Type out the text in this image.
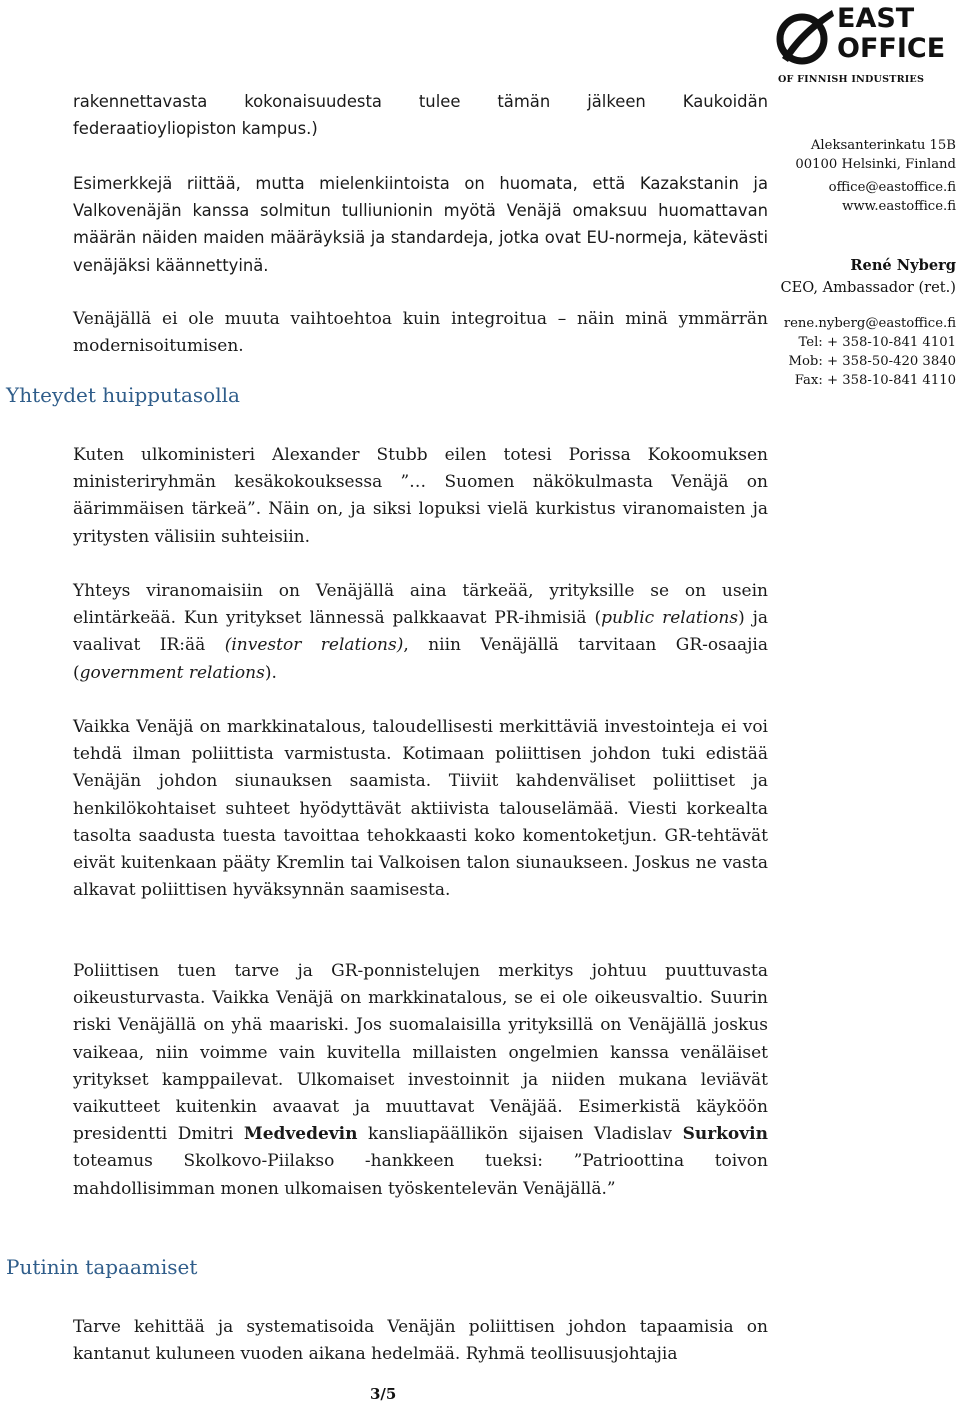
EAST
OFFICE
OF FINNISH INDUSTRIES
Aleksanterinkatu 15B
00100 Helsinki, Finland
office@eastoffice.fi
www.eastoffice.fi
René Nyberg
CEO, Ambassador (ret.)
rene.nyberg@eastoffice.fi
Tel: + 358-10-841 4101
Mob: + 358-50-420 3840
Fax: + 358-10-841 4110

rakennettavasta kokonaisuudesta tulee tämän jälkeen Kaukoidän federaatioyliopiston kampus.)

Esimerkkejä riittää, mutta mielenkiintoista on huomata, että Kazakstanin ja Valkovenäjän kanssa solmitun tulliunionin myötä Venäjä omaksuu huomattavan määrän näiden maiden määräyksiä ja standardeja, jotka ovat EU-normeja, kätevästi venäjäksi käännettyinä.

Venäjällä ei ole muuta vaihtoehtoa kuin integroitua – näin minä ymmärrän modernisoitumisen.

Yhteydet huipputasolla

Kuten ulkoministeri Alexander Stubb eilen totesi Porissa Kokoomuksen ministeriryhmän kesäkokouksessa ”… Suomen näkökulmasta Venäjä on äärimmäisen tärkeä”. Näin on, ja siksi lopuksi vielä kurkistus viranomaisten ja yritysten välisiin suhteisiin.

Yhteys viranomaisiin on Venäjällä aina tärkeää, yrityksille se on usein elintärkeää. Kun yritykset lännessä palkkaavat PR-ihmisiä (public relations) ja vaalivat IR:ää (investor relations), niin Venäjällä tarvitaan GR-osaajia (government relations).

Vaikka Venäjä on markkinatalous, taloudellisesti merkittäviä investointeja ei voi tehdä ilman poliittista varmistusta. Kotimaan poliittisen johdon tuki edistää Venäjän johdon siunauksen saamista. Tiiviit kahdenväliset poliittiset ja henkilökohtaiset suhteet hyödyttävät aktiivista talouselämää. Viesti korkealta tasolta saadusta tuesta tavoittaa tehokkaasti koko komentoketjun. GR-tehtävät eivät kuitenkaan pääty Kremlin tai Valkoisen talon siunaukseen. Joskus ne vasta alkavat poliittisen hyväksynnän saamisesta.

Poliittisen tuen tarve ja GR-ponnistelujen merkitys johtuu puuttuvasta oikeusturvasta. Vaikka Venäjä on markkinatalous, se ei ole oikeusvaltio. Suurin riski Venäjällä on yhä maariski. Jos suomalaisilla yrityksillä on Venäjällä joskus vaikeaa, niin voimme vain kuvitella millaisten ongelmien kanssa venäläiset yritykset kamppailevat. Ulkomaiset investoinnit ja niiden mukana leviävät vaikutteet kuitenkin avaavat ja muuttavat Venäjää. Esimerkistä käyköön presidentti Dmitri Medvedevin kansliapäällikön sijaisen Vladislav Surkovin toteamus Skolkovo-Piilakso -hankkeen tueksi: ”Patrioottina toivon mahdollisimman monen ulkomaisen työskentelevän Venäjällä.”

Putinin tapaamiset

Tarve kehittää ja systematisoida Venäjän poliittisen johdon tapaamisia on kantanut kuluneen vuoden aikana hedelmää. Ryhmä teollisuusjohtajia

3/5
